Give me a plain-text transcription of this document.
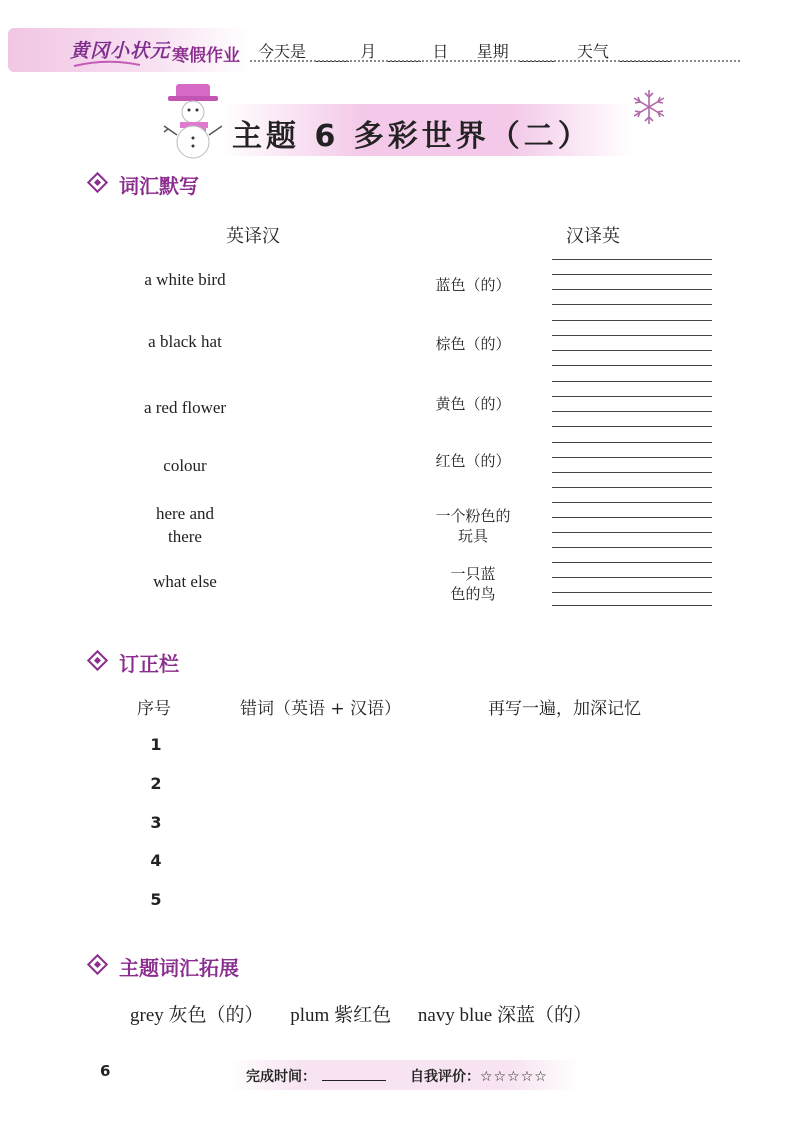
黄冈小状元 寒假作业 今天是	月	日 星期	天气
主题 6 多彩世界（二）
词汇默写
英译汉	汉译英
a white bird
a black hat
a red flower
colour
here and
there
what else
蓝色（的）
棕色（的）
黄色（的）
红色（的）
一个粉色的
玩具
一只蓝
色的鸟
订正栏
序号	错词（英语 + 汉语）	再写一遍，加深记忆
1
2
3
4
5
主题词汇拓展
grey 灰色（的） plum 紫红色 navy blue 深蓝（的）
6	完成时间：	自我评价：☆☆☆☆☆
